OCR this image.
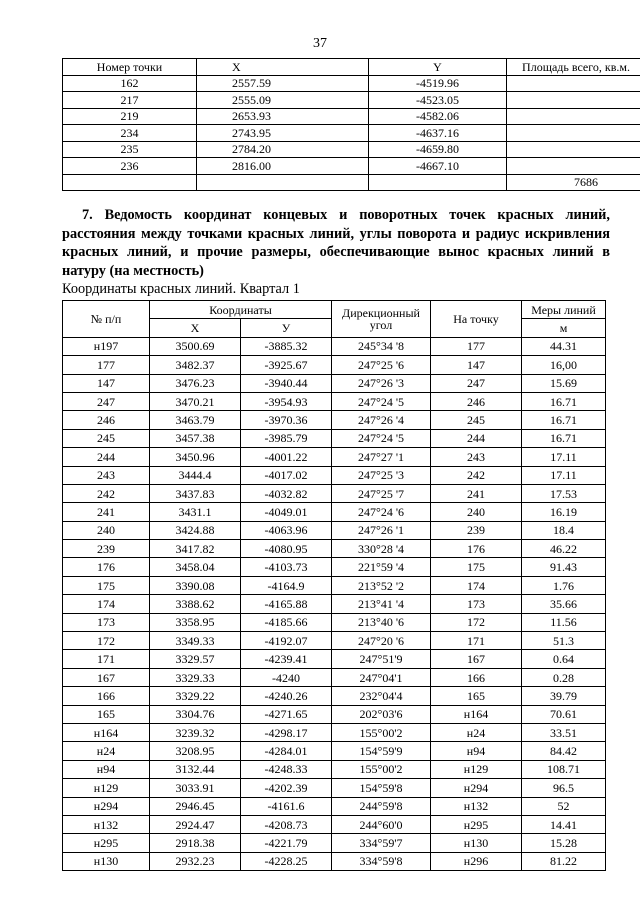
37
Номер точки	X	Y	Площадь всего, кв.м.
162	2557.59	-4519.96	
217	2555.09	-4523.05	
219	2653.93	-4582.06	
234	2743.95	-4637.16	
235	2784.20	-4659.80	
236	2816.00	-4667.10	
			7686
7. Ведомость координат концевых и поворотных точек красных линий, расстояния между точками красных линий, углы поворота и радиус искривления красных линий, и прочие размеры, обеспечивающие вынос красных линий в натуру (на местность)
Координаты красных линий. Квартал 1
№ п/п	Координаты		Дирекционный угол	На точку	Меры линий
	X	У			м
н197	3500.69	-3885.32	245°34 '8	177	44.31
177	3482.37	-3925.67	247°25 '6	147	16,00
147	3476.23	-3940.44	247°26 '3	247	15.69
247	3470.21	-3954.93	247°24 '5	246	16.71
246	3463.79	-3970.36	247°26 '4	245	16.71
245	3457.38	-3985.79	247°24 '5	244	16.71
244	3450.96	-4001.22	247°27 '1	243	17.11
243	3444.4	-4017.02	247°25 '3	242	17.11
242	3437.83	-4032.82	247°25 '7	241	17.53
241	3431.1	-4049.01	247°24 '6	240	16.19
240	3424.88	-4063.96	247°26 '1	239	18.4
239	3417.82	-4080.95	330°28 '4	176	46.22
176	3458.04	-4103.73	221°59 '4	175	91.43
175	3390.08	-4164.9	213°52 '2	174	1.76
174	3388.62	-4165.88	213°41 '4	173	35.66
173	3358.95	-4185.66	213°40 '6	172	11.56
172	3349.33	-4192.07	247°20 '6	171	51.3
171	3329.57	-4239.41	247°51'9	167	0.64
167	3329.33	-4240	247°04'1	166	0.28
166	3329.22	-4240.26	232°04'4	165	39.79
165	3304.76	-4271.65	202°03'6	н164	70.61
н164	3239.32	-4298.17	155°00'2	н24	33.51
н24	3208.95	-4284.01	154°59'9	н94	84.42
н94	3132.44	-4248.33	155°00'2	н129	108.71
н129	3033.91	-4202.39	154°59'8	н294	96.5
н294	2946.45	-4161.6	244°59'8	н132	52
н132	2924.47	-4208.73	244°60'0	н295	14.41
н295	2918.38	-4221.79	334°59'7	н130	15.28
н130	2932.23	-4228.25	334°59'8	н296	81.22
